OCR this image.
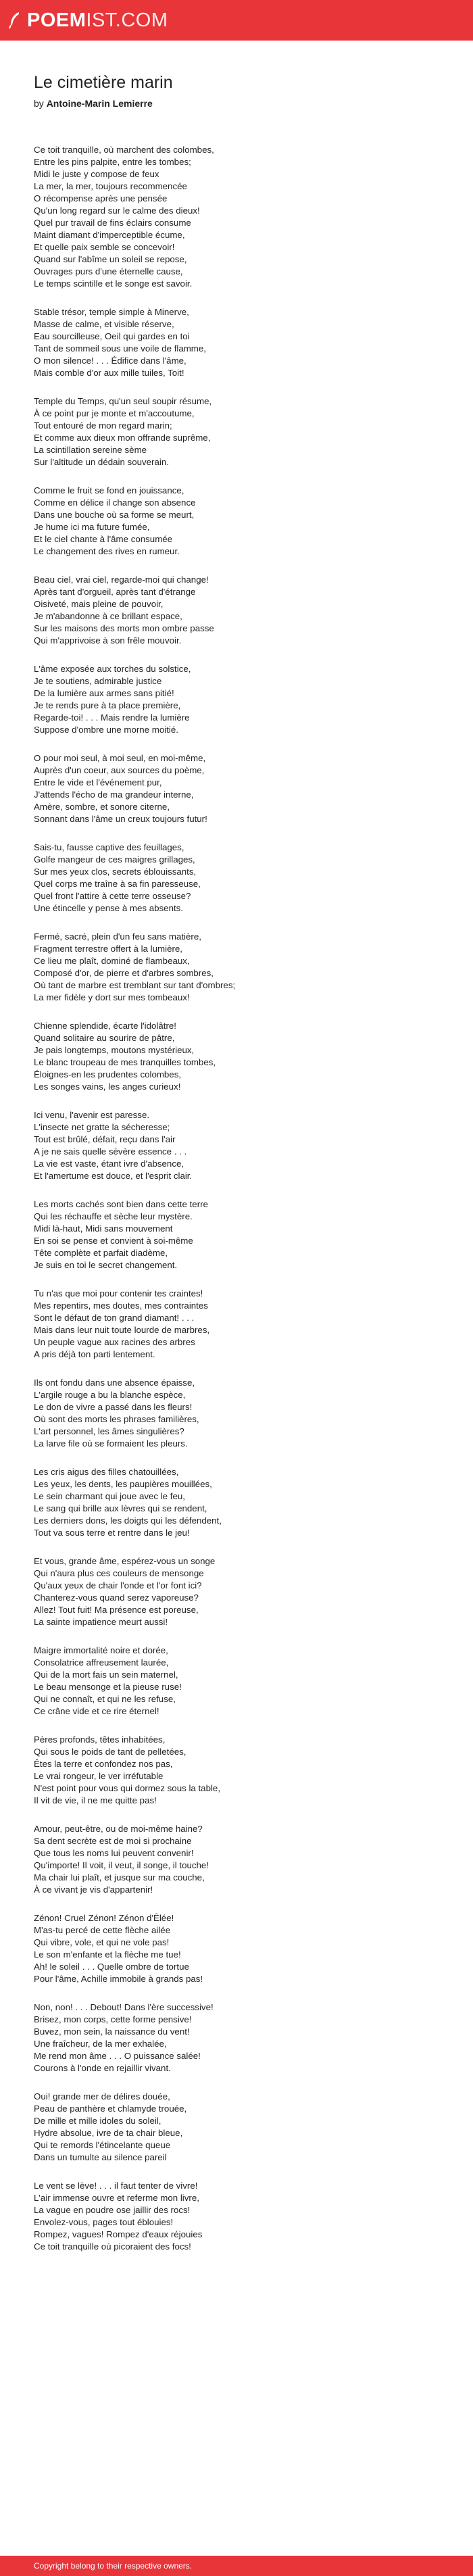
POEM IST.COM
Le cimetière marin
by Antoine-Marin Lemierre

Ce toit tranquille, où marchent des colombes,

Entre les pins palpite, entre les tombes;

Midi le juste y compose de feux

La mer, la mer, toujours recommencée

O récompense après une pensée

Qu'un long regard sur le calme des dieux!

Quel pur travail de fins éclairs consume

Maint diamant d'imperceptible écume,

Et quelle paix semble se concevoir!

Quand sur l'abîme un soleil se repose,

Ouvrages purs d'une éternelle cause,

Le temps scintille et le songe est savoir.

Stable trésor, temple simple à Minerve,

Masse de calme, et visible réserve,

Eau sourcilleuse, Oeil qui gardes en toi

Tant de sommeil sous une voile de flamme,

O mon silence! . . . Édifice dans l'âme,

Mais comble d'or aux mille tuiles, Toit!

Temple du Temps, qu'un seul soupir résume,

À ce point pur je monte et m'accoutume,

Tout entouré de mon regard marin;

Et comme aux dieux mon offrande suprême,

La scintillation sereine sème

Sur l'altitude un dédain souverain.

Comme le fruit se fond en jouissance,

Comme en délice il change son absence

Dans une bouche où sa forme se meurt,

Je hume ici ma future fumée,

Et le ciel chante à l'âme consumée

Le changement des rives en rumeur.

Beau ciel, vrai ciel, regarde-moi qui change!

Après tant d'orgueil, après tant d'étrange

Oisiveté, mais pleine de pouvoir,

Je m'abandonne à ce brillant espace,

Sur les maisons des morts mon ombre passe

Qui m'apprivoise à son frêle mouvoir.

L'âme exposée aux torches du solstice,

Je te soutiens, admirable justice

De la lumière aux armes sans pitié!

Je te rends pure à ta place première,

Regarde-toi! . . . Mais rendre la lumière

Suppose d'ombre une morne moitié.

O pour moi seul, à moi seul, en moi-même,

Auprès d'un coeur, aux sources du poème,

Entre le vide et l'événement pur,

J'attends l'écho de ma grandeur interne,

Amère, sombre, et sonore citerne,

Sonnant dans l'âme un creux toujours futur!

Sais-tu, fausse captive des feuillages,

Golfe mangeur de ces maigres grillages,

Sur mes yeux clos, secrets éblouissants,

Quel corps me traîne à sa fin paresseuse,

Quel front l'attire à cette terre osseuse?

Une étincelle y pense à mes absents.

Fermé, sacré, plein d'un feu sans matière,

Fragment terrestre offert à la lumière,

Ce lieu me plaît, dominé de flambeaux,

Composé d'or, de pierre et d'arbres sombres,

Où tant de marbre est tremblant sur tant d'ombres;

La mer fidèle y dort sur mes tombeaux!

Chienne splendide, écarte l'idolâtre!

Quand solitaire au sourire de pâtre,

Je pais longtemps, moutons mystérieux,

Le blanc troupeau de mes tranquilles tombes,

Éloignes-en les prudentes colombes,

Les songes vains, les anges curieux!

Ici venu, l'avenir est paresse.

L'insecte net gratte la sécheresse;

Tout est brûlé, défait, reçu dans l'air

A je ne sais quelle sévère essence . . .

La vie est vaste, étant ivre d'absence,

Et l'amertume est douce, et l'esprit clair.

Les morts cachés sont bien dans cette terre

Qui les réchauffe et sèche leur mystère.

Midi là-haut, Midi sans mouvement

En soi se pense et convient à soi-même

Tête complète et parfait diadème,

Je suis en toi le secret changement.

Tu n'as que moi pour contenir tes craintes!

Mes repentirs, mes doutes, mes contraintes

Sont le défaut de ton grand diamant! . . .

Mais dans leur nuit toute lourde de marbres,

Un peuple vague aux racines des arbres

A pris déjà ton parti lentement.

Ils ont fondu dans une absence épaisse,

L'argile rouge a bu la blanche espèce,

Le don de vivre a passé dans les fleurs!

Où sont des morts les phrases familières,

L'art personnel, les âmes singulières?

La larve file où se formaient les pleurs.

Les cris aigus des filles chatouillées,

Les yeux, les dents, les paupières mouillées,

Le sein charmant qui joue avec le feu,

Le sang qui brille aux lèvres qui se rendent,

Les derniers dons, les doigts qui les défendent,

Tout va sous terre et rentre dans le jeu!

Et vous, grande âme, espérez-vous un songe

Qui n'aura plus ces couleurs de mensonge

Qu'aux yeux de chair l'onde et l'or font ici?

Chanterez-vous quand serez vaporeuse?

Allez! Tout fuit! Ma présence est poreuse,

La sainte impatience meurt aussi!

Maigre immortalité noire et dorée,

Consolatrice affreusement laurée,

Qui de la mort fais un sein maternel,

Le beau mensonge et la pieuse ruse!

Qui ne connaît, et qui ne les refuse,

Ce crâne vide et ce rire éternel!

Pères profonds, têtes inhabitées,

Qui sous le poids de tant de pelletées,

Êtes la terre et confondez nos pas,

Le vrai rongeur, le ver irréfutable

N'est point pour vous qui dormez sous la table,

Il vit de vie, il ne me quitte pas!

Amour, peut-être, ou de moi-même haine?

Sa dent secrète est de moi si prochaine

Que tous les noms lui peuvent convenir!

Qu'importe! Il voit, il veut, il songe, il touche!

Ma chair lui plaît, et jusque sur ma couche,

À ce vivant je vis d'appartenir!

Zénon! Cruel Zénon! Zénon d'Êlée!

M'as-tu percé de cette flèche ailée

Qui vibre, vole, et qui ne vole pas!

Le son m'enfante et la flèche me tue!

Ah! le soleil . . . Quelle ombre de tortue

Pour l'âme, Achille immobile à grands pas!

Non, non! . . . Debout! Dans l'ère successive!

Brisez, mon corps, cette forme pensive!

Buvez, mon sein, la naissance du vent!

Une fraîcheur, de la mer exhalée,

Me rend mon âme . . . O puissance salée!

Courons à l'onde en rejaillir vivant.

Oui! grande mer de délires douée,

Peau de panthère et chlamyde trouée,

De mille et mille idoles du soleil,

Hydre absolue, ivre de ta chair bleue,

Qui te remords l'étincelante queue

Dans un tumulte au silence pareil

Le vent se lève! . . . il faut tenter de vivre!

L'air immense ouvre et referme mon livre,

La vague en poudre ose jaillir des rocs!

Envolez-vous, pages tout éblouies!

Rompez, vagues! Rompez d'eaux réjouies

Ce toit tranquille où picoraient des focs!

Copyright belong to their respective owners.
